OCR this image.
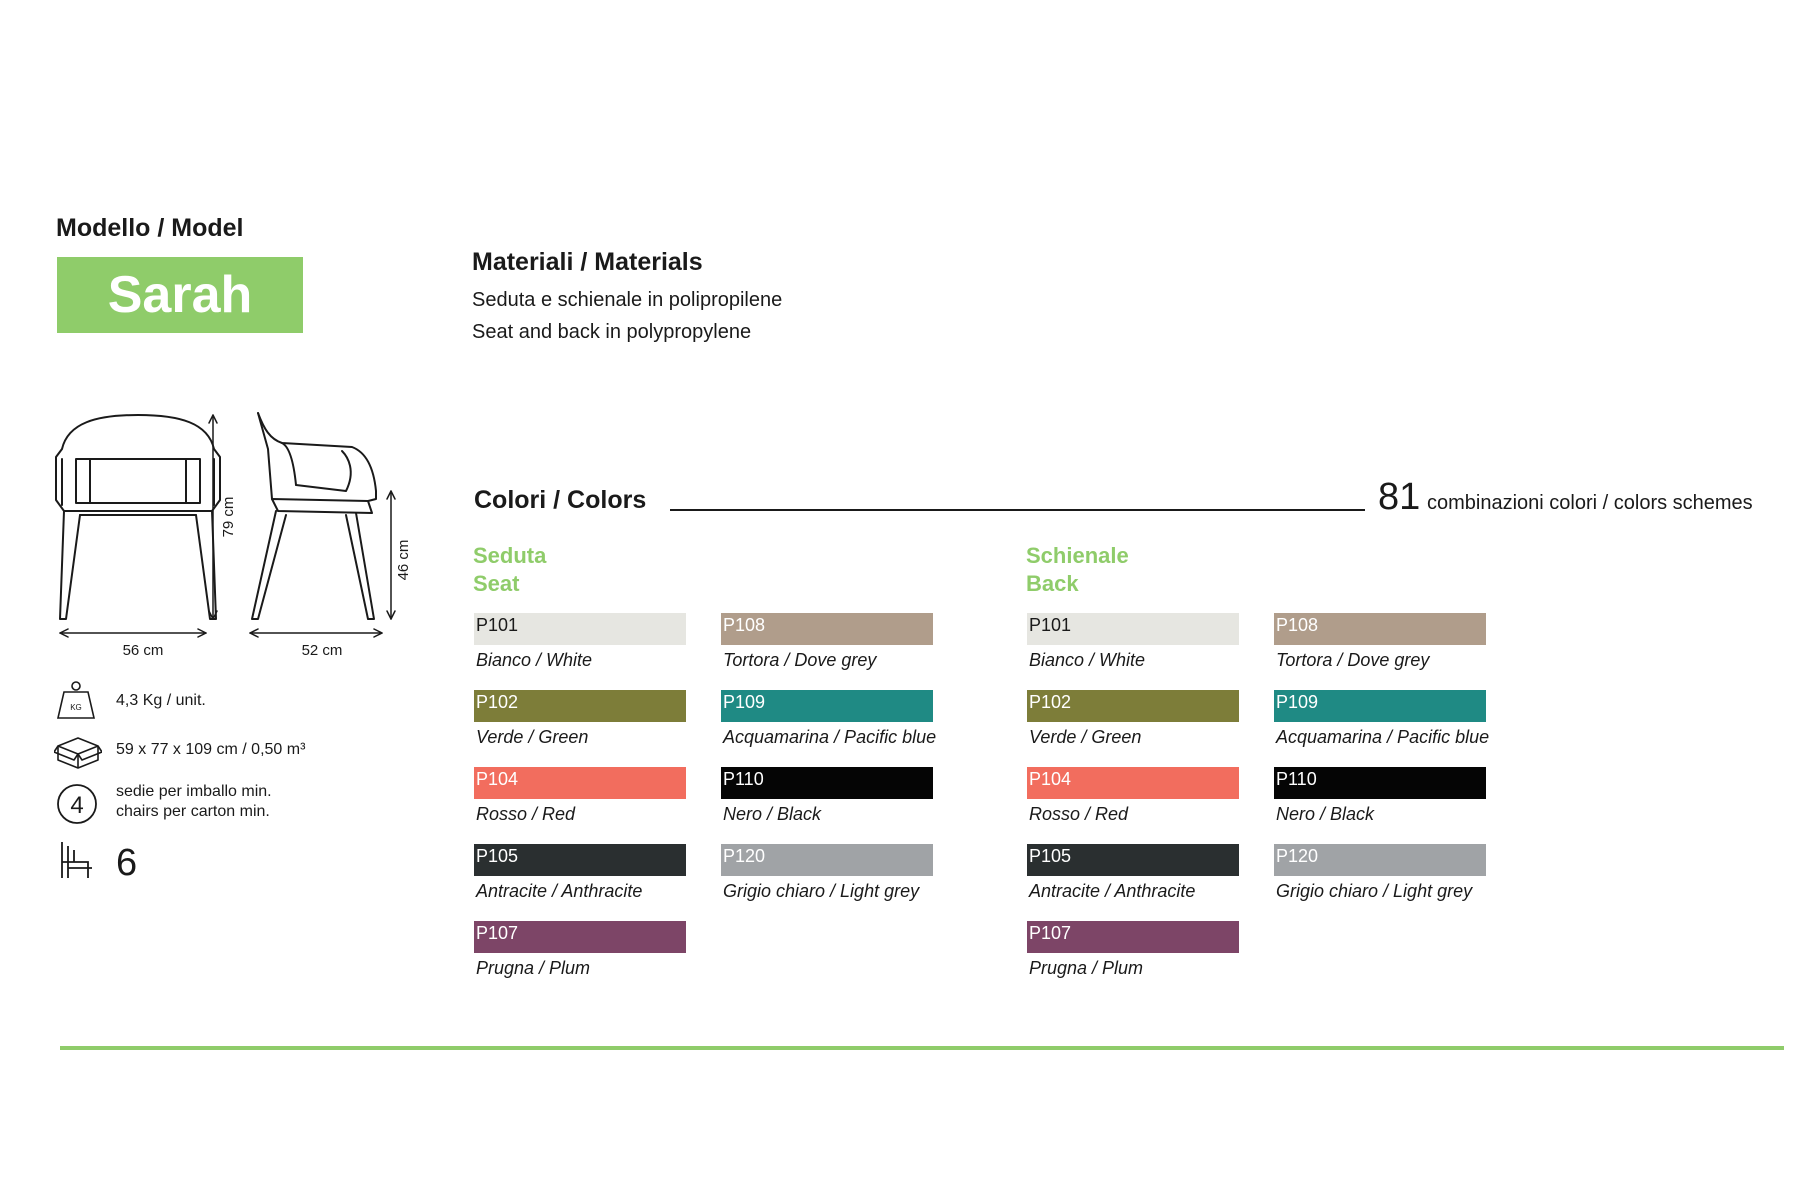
Modello / Model
Sarah
Materiali / Materials
Seduta e schienale in polipropilene
Seat and back in polypropylene
56 cm	52 cm
79 cm
46 cm
KG 4,3 Kg / unit.
59 x 77 x 109 cm / 0,50 m³
4
sedie per imballo min.
chairs per carton min.
6
Colori / Colors	81 combinazioni colori / colors schemes
Seduta
Seat
P101
Bianco / White
P102
Verde / Green
P104
Rosso / Red
P105
Antracite / Anthracite
P107
Prugna / Plum
P108
Tortora / Dove grey
P109
Acquamarina / Pacific blue
P110
Nero / Black
P120
Grigio chiaro / Light grey
Schienale
Back
P101
Bianco / White
P102
Verde / Green
P104
Rosso / Red
P105
Antracite / Anthracite
P107
Prugna / Plum
P108
Tortora / Dove grey
P109
Acquamarina / Pacific blue
P110
Nero / Black
P120
Grigio chiaro / Light grey
